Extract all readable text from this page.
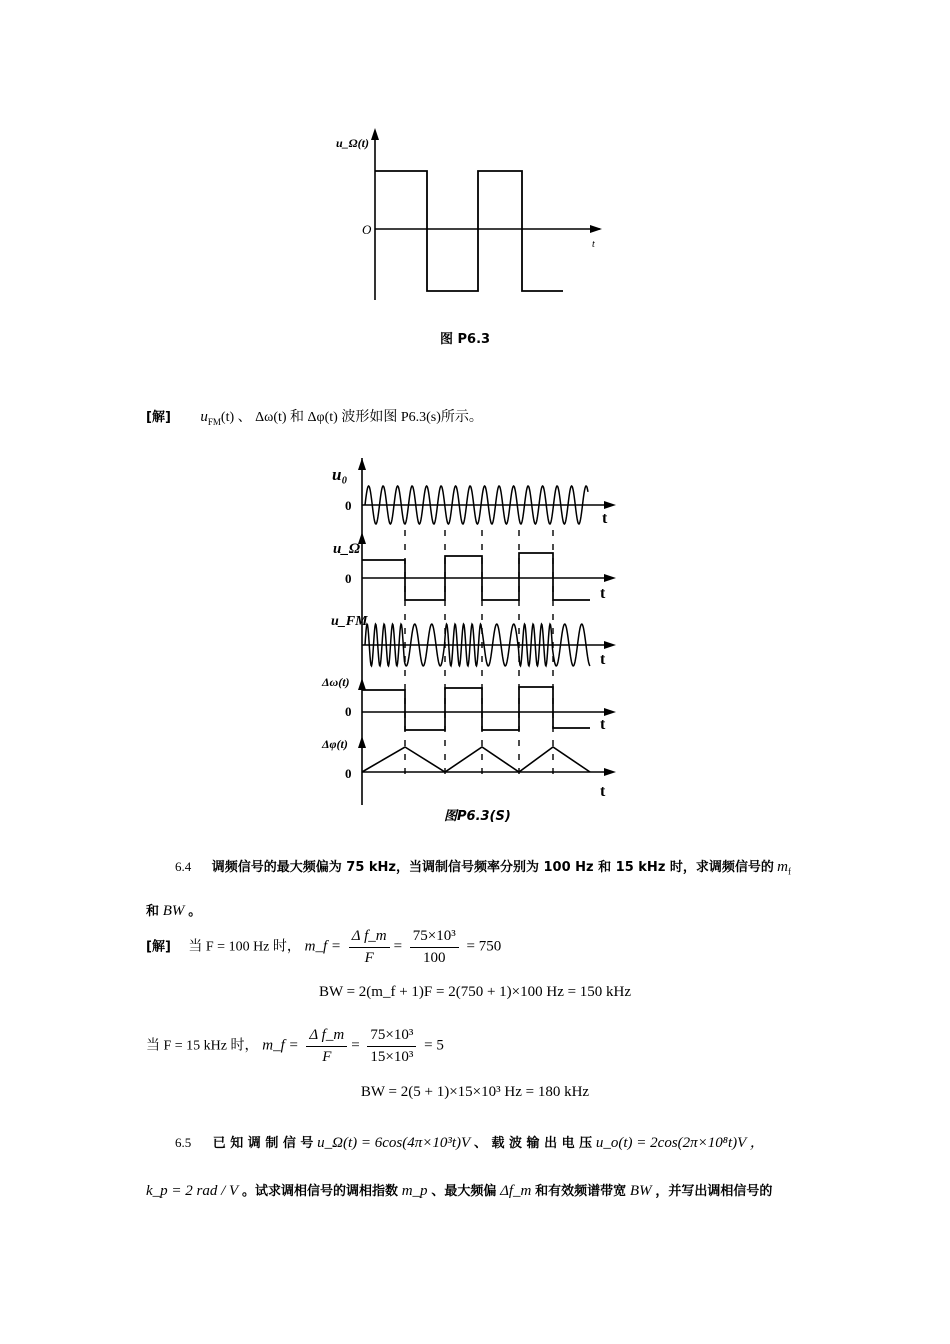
u_Ω(t)
O
t
图 P6.3
[解] $u_{FM}(t)$ 、 Δω(t) 和 Δφ(t) 波形如图 P6.3(s)所示。
u₀
0
t
u_Ω
0
t
u_FM
t
Δω(t)
0
t
Δφ(t)
0
t
图P6.3(S)
6.4 调频信号的最大频偏为 75 kHz，当调制信号频率分别为 100 Hz 和 15 kHz 时，求调频信号的 $m_f$
和 BW 。
[解] 当 F = 100 Hz 时， m_f = $\frac{\text{Δ f\_m}}{F} = \frac{\text{75×10³}}{100} = 750$
BW = 2(m_f + 1)F = 2(750 + 1)×100 Hz = 150 kHz
当 F = 15 kHz 时， m_f = $\frac{\text{Δ f\_m}}{F} = \frac{\text{75×10³}}{\text{15×10³}} = 5$
BW = 2(5 + 1)×15×10³ Hz = 180 kHz
6.5 已 知 调 制 信 号 u_Ω(t) = 6cos(4π×10³t)V 、 载 波 输 出 电 压 u_o(t) = 2cos(2π×10⁸t)V ，
k_p = 2 rad / V 。试求调相信号的调相指数 m_p 、最大频偏 Δf_m 和有效频谱带宽 BW ，并写出调相信号的
